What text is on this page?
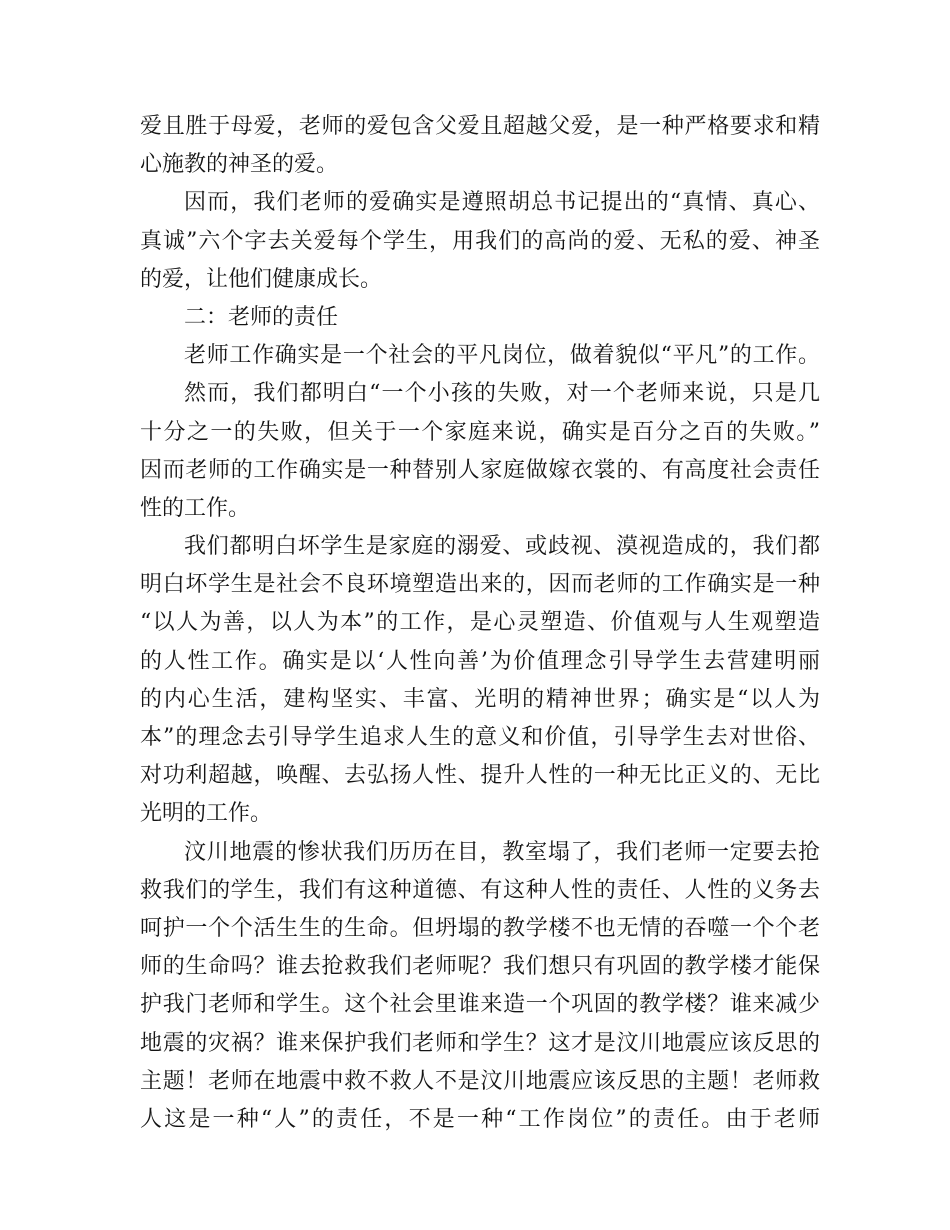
爱且胜于母爱，老师的爱包含父爱且超越父爱，是一种严格要求和精
心施教的神圣的爱。
因而，我们老师的爱确实是遵照胡总书记提出的“真情、真心、
真诚”六个字去关爱每个学生，用我们的高尚的爱、无私的爱、神圣
的爱，让他们健康成长。
二：老师的责任
老师工作确实是一个社会的平凡岗位，做着貌似“平凡”的工作。
然而，我们都明白“一个小孩的失败，对一个老师来说，只是几
十分之一的失败，但关于一个家庭来说，确实是百分之百的失败。”
因而老师的工作确实是一种替别人家庭做嫁衣裳的、有高度社会责任
性的工作。
我们都明白坏学生是家庭的溺爱、或歧视、漠视造成的，我们都
明白坏学生是社会不良环境塑造出来的，因而老师的工作确实是一种
“以人为善，以人为本”的工作，是心灵塑造、价值观与人生观塑造
的人性工作。确实是以‘人性向善’为价值理念引导学生去营建明丽
的内心生活，建构坚实、丰富、光明的精神世界；确实是“以人为
本”的理念去引导学生追求人生的意义和价值，引导学生去对世俗、
对功利超越，唤醒、去弘扬人性、提升人性的一种无比正义的、无比
光明的工作。
汶川地震的惨状我们历历在目，教室塌了，我们老师一定要去抢
救我们的学生，我们有这种道德、有这种人性的责任、人性的义务去
呵护一个个活生生的生命。但坍塌的教学楼不也无情的吞噬一个个老
师的生命吗？谁去抢救我们老师呢？我们想只有巩固的教学楼才能保
护我门老师和学生。这个社会里谁来造一个巩固的教学楼？谁来减少
地震的灾祸？谁来保护我们老师和学生？这才是汶川地震应该反思的
主题！老师在地震中救不救人不是汶川地震应该反思的主题！老师救
人这是一种“人”的责任，不是一种“工作岗位”的责任。由于老师
